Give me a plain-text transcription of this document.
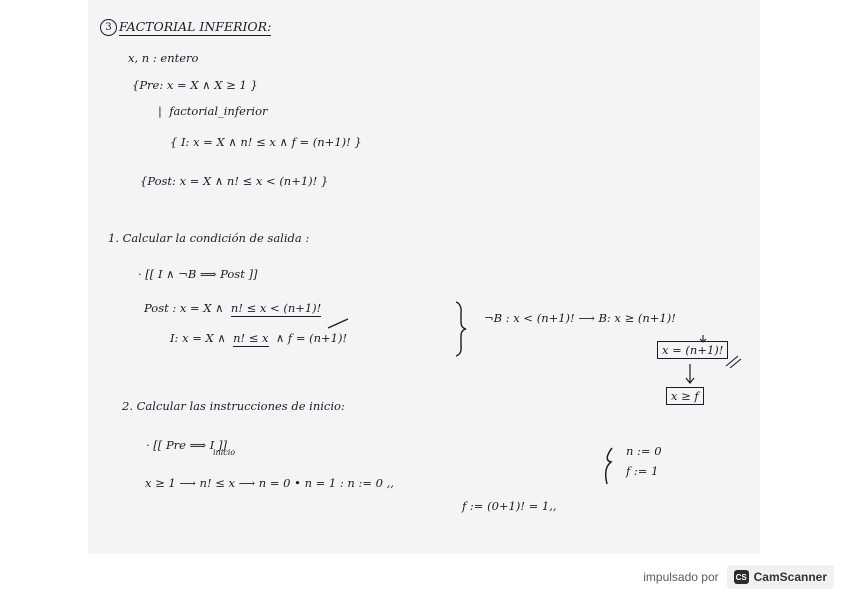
3 FACTORIAL INFERIOR:
x, n : entero
{Pre: x = X ∧ X ≥ 1 }
|  factorial_inferior
{ I: x = X ∧ n! ≤ x ∧ f = (n+1)! }
{Post: x = X ∧ n! ≤ x < (n+1)! }
1. Calcular la condición de salida :
· [[ I ∧ ¬B ⟹ Post ]]
Post : x = X ∧ n! ≤ x < (n+1)!
I: x = X ∧ n! ≤ x ∧ f = (n+1)!
¬B : x < (n+1)! ⟶ B: x ≥ (n+1)!
x = (n+1)!
x ≥ f
2. Calcular las instrucciones de inicio:
· [[ Pre ⟹ I ]]
inicio
x ≥ 1 ⟶ n! ≤ x ⟶ n = 0 • n = 1 : n := 0 ,,
f := (0+1)! = 1,,
n := 0
f := 1
impulsado por CS CamScanner
